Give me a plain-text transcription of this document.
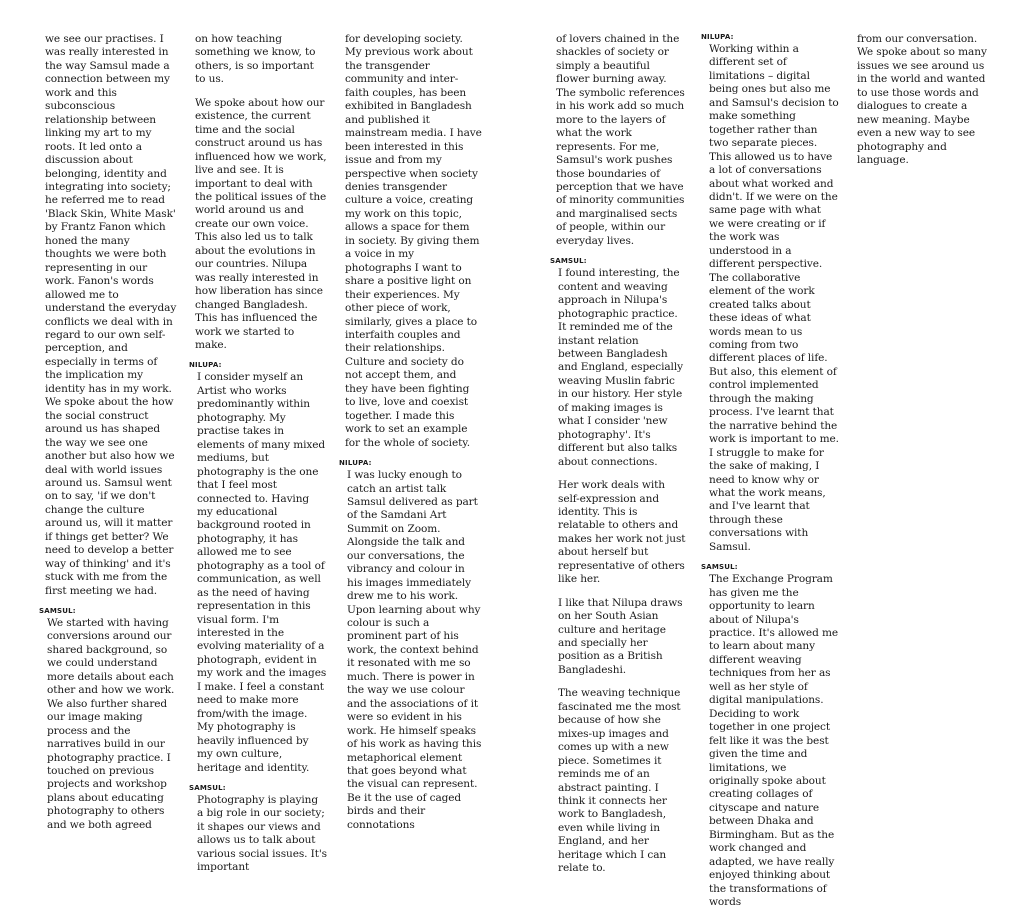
we see our practises. I was really interested in the way Samsul made a connection between my work and this subconscious relationship between linking my art to my roots. It led onto a discussion about belonging, identity and integrating into society; he referred me to read 'Black Skin, White Mask' by Frantz Fanon which honed the many thoughts we were both representing in our work. Fanon's words allowed me to understand the everyday conflicts we deal with in regard to our own self-perception, and especially in terms of the implication my identity has in my work. We spoke about the how the social construct around us has shaped the way we see one another but also how we deal with world issues around us. Samsul went on to say, 'if we don't change the culture around us, will it matter if things get better? We need to develop a better way of thinking' and it's stuck with me from the first meeting we had.

SAMSUL:

We started with having conversions around our shared background, so we could understand more details about each other and how we work. We also further shared our image making process and the narratives build in our photography practice. I touched on previous projects and workshop plans about educating photography to others and we both agreed

on how teaching something we know, to others, is so important to us.

We spoke about how our existence, the current time and the social construct around us has influenced how we work, live and see. It is important to deal with the political issues of the world around us and create our own voice. This also led us to talk about the evolutions in our countries. Nilupa was really interested in how liberation has since changed Bangladesh. This has influenced the work we started to make.

NILUPA:

I consider myself an Artist who works predominantly within photography. My practise takes in elements of many mixed mediums, but photography is the one that I feel most connected to. Having my educational background rooted in photography, it has allowed me to see photography as a tool of communication, as well as the need of having representation in this visual form. I'm interested in the evolving materiality of a photograph, evident in my work and the images I make. I feel a constant need to make more from/with the image. My photography is heavily influenced by my own culture, heritage and identity.

SAMSUL:

Photography is playing a big role in our society; it shapes our views and allows us to talk about various social issues. It's important

for developing society. My previous work about the transgender community and inter-faith couples, has been exhibited in Bangladesh and published it mainstream media. I have been interested in this issue and from my perspective when society denies transgender culture a voice, creating my work on this topic, allows a space for them in society. By giving them a voice in my photographs I want to share a positive light on their experiences. My other piece of work, similarly, gives a place to interfaith couples and their relationships. Culture and society do not accept them, and they have been fighting to live, love and coexist together. I made this work to set an example for the whole of society.

NILUPA:

I was lucky enough to catch an artist talk Samsul delivered as part of the Samdani Art Summit on Zoom. Alongside the talk and our conversations, the vibrancy and colour in his images immediately drew me to his work. Upon learning about why colour is such a prominent part of his work, the context behind it resonated with me so much. There is power in the way we use colour and the associations of it were so evident in his work. He himself speaks of his work as having this metaphorical element that goes beyond what the visual can represent. Be it the use of caged birds and their connotations

of lovers chained in the shackles of society or simply a beautiful flower burning away. The symbolic references in his work add so much more to the layers of what the work represents. For me, Samsul's work pushes those boundaries of perception that we have of minority communities and marginalised sects of people, within our everyday lives.

SAMSUL:

I found interesting, the content and weaving approach in Nilupa's photographic practice. It reminded me of the instant relation between Bangladesh and England, especially weaving Muslin fabric in our history. Her style of making images is what I consider 'new photography'. It's different but also talks about connections.

Her work deals with self-expression and identity. This is relatable to others and makes her work not just about herself but representative of others like her.

I like that Nilupa draws on her South Asian culture and heritage and specially her position as a British Bangladeshi.

The weaving technique fascinated me the most because of how she mixes-up images and comes up with a new piece. Sometimes it reminds me of an abstract painting. I think it connects her work to Bangladesh, even while living in England, and her heritage which I can relate to.

NILUPA:

Working within a different set of limitations – digital being ones but also me and Samsul's decision to make something together rather than two separate pieces. This allowed us to have a lot of conversations about what worked and didn't. If we were on the same page with what we were creating or if the work was understood in a different perspective. The collaborative element of the work created talks about these ideas of what words mean to us coming from two different places of life. But also, this element of control implemented through the making process. I've learnt that the narrative behind the work is important to me. I struggle to make for the sake of making, I need to know why or what the work means, and I've learnt that through these conversations with Samsul.

SAMSUL:

The Exchange Program has given me the opportunity to learn about of Nilupa's practice. It's allowed me to learn about many different weaving techniques from her as well as her style of digital manipulations. Deciding to work together in one project felt like it was the best given the time and limitations, we originally spoke about creating collages of cityscape and nature between Dhaka and Birmingham. But as the work changed and adapted, we have really enjoyed thinking about the transformations of words

from our conversation. We spoke about so many issues we see around us in the world and wanted to use those words and dialogues to create a new meaning. Maybe even a new way to see photography and language.
